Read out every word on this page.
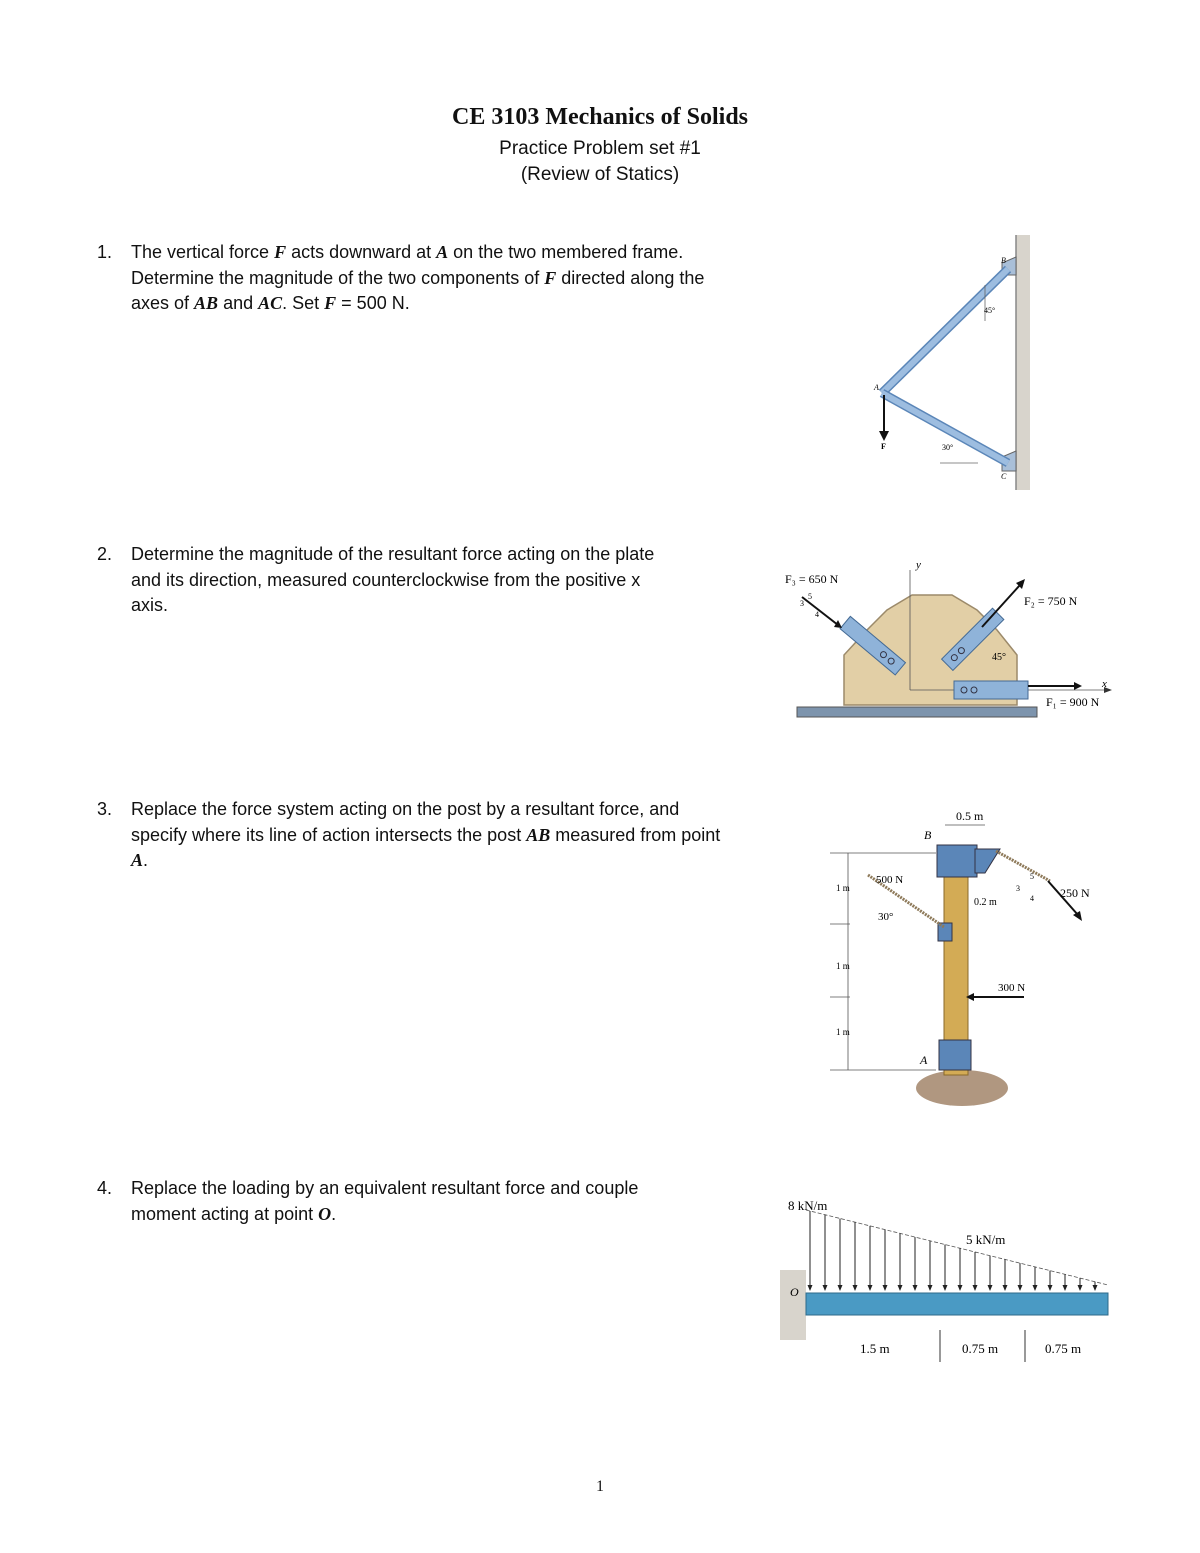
CE 3103 Mechanics of Solids
Practice Problem set #1
(Review of Statics)
1. The vertical force F acts downward at A on the two membered frame. Determine the magnitude of the two components of F directed along the axes of AB and AC. Set F = 500 N.
B
A
C
F
45°
30°
2. Determine the magnitude of the resultant force acting on the plate and its direction, measured counterclockwise from the positive x axis.
F₃ = 650 N
F₂ = 750 N
F₁ = 900 N
y
x
45°
3
4
5
3. Replace the force system acting on the post by a resultant force, and specify where its line of action intersects the post AB measured from point A.
0.5 m
B
A
500 N
250 N
300 N
30°
0.2 m
1 m
1 m
1 m
3
4
5
4. Replace the loading by an equivalent resultant force and couple moment acting at point O.	8 kN/m
5 kN/m
O
1.5 m	0.75 m	0.75 m
1
